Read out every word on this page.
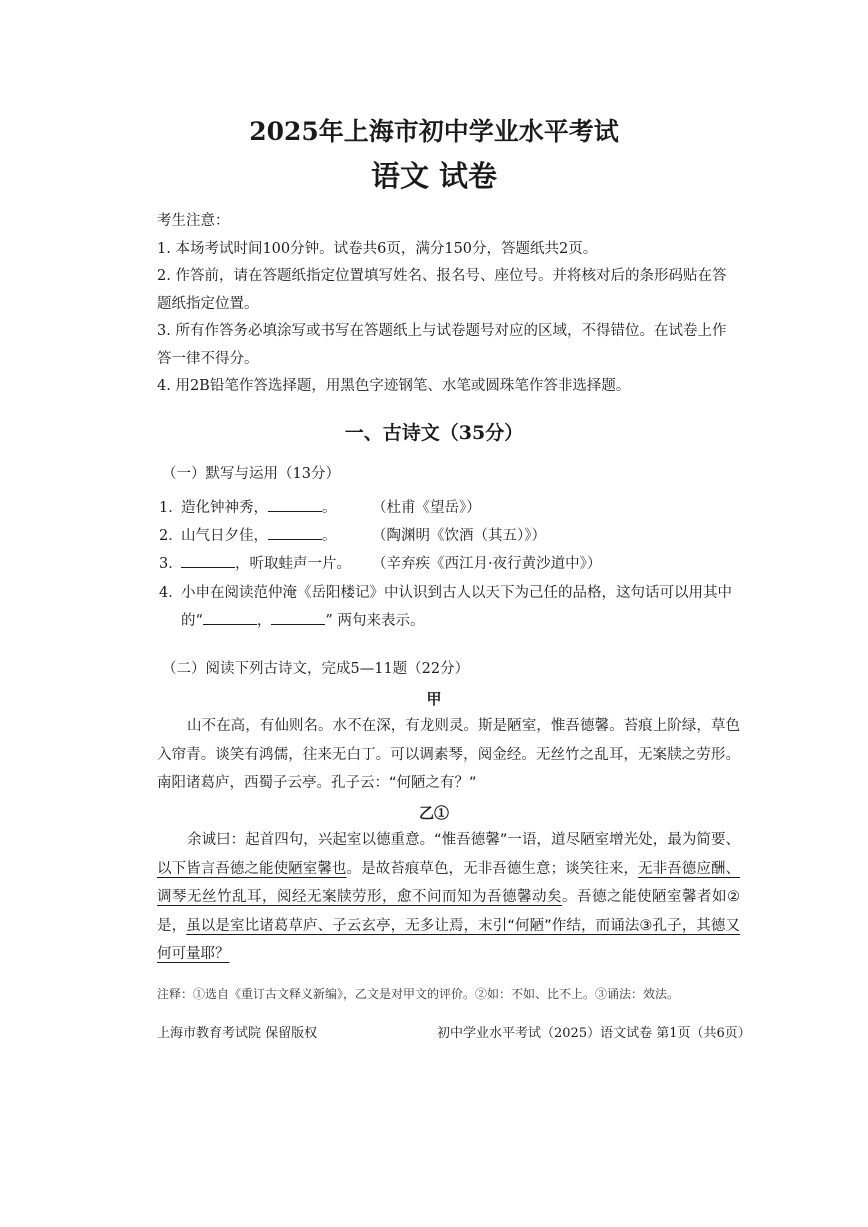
2025年上海市初中学业水平考试
语文 试卷

考生注意：

1. 本场考试时间100分钟。试卷共6页，满分150分，答题纸共2页。

2. 作答前，请在答题纸指定位置填写姓名、报名号、座位号。并将核对后的条形码贴在答题纸指定位置。

3. 所有作答务必填涂写或书写在答题纸上与试卷题号对应的区域，不得错位。在试卷上作答一律不得分。

4. 用2B铅笔作答选择题，用黑色字迹钢笔、水笔或圆珠笔作答非选择题。

一、古诗文（35分）
（一）默写与运用（13分）
1．造化钟神秀，	。 （杜甫《望岳》）
2．山气日夕佳，	。 （陶渊明《饮酒（其五）》）
3．	，听取蛙声一片。 （辛弃疾《西江月·夜行黄沙道中》）
4．小申在阅读范仲淹《岳阳楼记》中认识到古人以天下为己任的品格，这句话可以用其中
的“	，	” 两句来表示。
（二）阅读下列古诗文，完成5—11题（22分）
甲
山不在高，有仙则名。水不在深，有龙则灵。斯是陋室，惟吾德馨。苔痕上阶绿，草色入帘青。谈笑有鸿儒，往来无白丁。可以调素琴，阅金经。无丝竹之乱耳，无案牍之劳形。南阳诸葛庐，西蜀子云亭。孔子云：“何陋之有？”
乙①
余诚曰：起首四句，兴起室以德重意。“惟吾德馨”一语，道尽陋室增光处，最为简要、以下皆言吾德之能使陋室馨也。是故苔痕草色，无非吾德生意；谈笑往来，无非吾德应酬、调琴无丝竹乱耳，阅经无案牍劳形，愈不问而知为吾德馨动矣。吾德之能使陋室馨者如②是，虽以是室比诸葛草庐、子云玄亭，无多让焉，末引“何陋”作结，而诵法③孔子，其德又何可量耶？
注释：①选自《重订古文释义新编》，乙文是对甲文的评价。②如：不如、比不上。③诵法：效法。
上海市教育考试院 保留版权	初中学业水平考试（2025）语文试卷 第1页（共6页）
